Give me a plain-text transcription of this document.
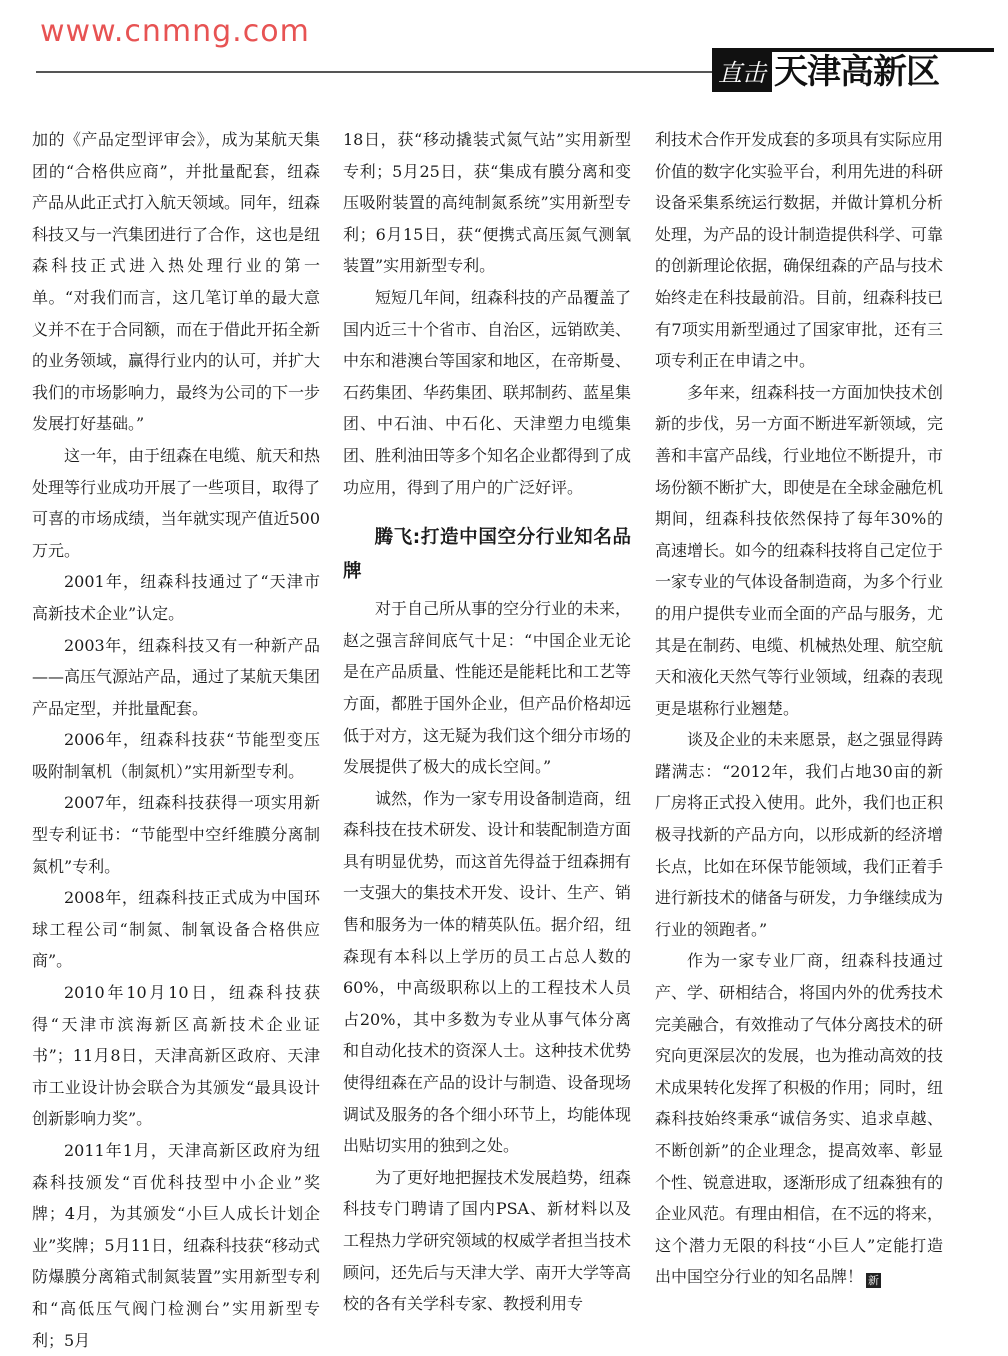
直击 天津高新区

加的《产品定型评审会》，成为某航天集团的“合格供应商”，并批量配套，纽森产品从此正式打入航天领域。同年，纽森科技又与一汽集团进行了合作，这也是纽森科技正式进入热处理行业的第一单。“对我们而言，这几笔订单的最大意义并不在于合同额，而在于借此开拓全新的业务领域，赢得行业内的认可，并扩大我们的市场影响力，最终为公司的下一步发展打好基础。”

这一年，由于纽森在电缆、航天和热处理等行业成功开展了一些项目，取得了可喜的市场成绩，当年就实现产值近500万元。

2001年，纽森科技通过了“天津市高新技术企业”认定。

2003年，纽森科技又有一种新产品——高压气源站产品，通过了某航天集团产品定型，并批量配套。

2006年，纽森科技获“节能型变压吸附制氧机（制氮机）”实用新型专利。

2007年，纽森科技获得一项实用新型专利证书：“节能型中空纤维膜分离制氮机”专利。

2008年，纽森科技正式成为中国环球工程公司“制氮、制氧设备合格供应商”。

2010年10月10日，纽森科技获得“天津市滨海新区高新技术企业证书”；11月8日，天津高新区政府、天津市工业设计协会联合为其颁发“最具设计创新影响力奖”。

2011年1月，天津高新区政府为纽森科技颁发“百优科技型中小企业”奖牌；4月，为其颁发“小巨人成长计划企业”奖牌；5月11日，纽森科技获“移动式防爆膜分离箱式制氮装置”实用新型专利和“高低压气阀门检测台”实用新型专利；5月

18日，获“移动撬装式氮气站”实用新型专利；5月25日，获“集成有膜分离和变压吸附装置的高纯制氮系统”实用新型专利；6月15日，获“便携式高压氮气测氧装置”实用新型专利。

短短几年间，纽森科技的产品覆盖了国内近三十个省市、自治区，远销欧美、中东和港澳台等国家和地区，在帝斯曼、石药集团、华药集团、联邦制药、蓝星集团、中石油、中石化、天津塑力电缆集团、胜利油田等多个知名企业都得到了成功应用，得到了用户的广泛好评。

腾飞:打造中国空分行业知名品牌

对于自己所从事的空分行业的未来，赵之强言辞间底气十足：“中国企业无论是在产品质量、性能还是能耗比和工艺等方面，都胜于国外企业，但产品价格却远低于对方，这无疑为我们这个细分市场的发展提供了极大的成长空间。”

诚然，作为一家专用设备制造商，纽森科技在技术研发、设计和装配制造方面具有明显优势，而这首先得益于纽森拥有一支强大的集技术开发、设计、生产、销售和服务为一体的精英队伍。据介绍，纽森现有本科以上学历的员工占总人数的60%，中高级职称以上的工程技术人员占20%，其中多数为专业从事气体分离和自动化技术的资深人士。这种技术优势使得纽森在产品的设计与制造、设备现场调试及服务的各个细小环节上，均能体现出贴切实用的独到之处。

为了更好地把握技术发展趋势，纽森科技专门聘请了国内PSA、新材料以及工程热力学研究领域的权威学者担当技术顾问，还先后与天津大学、南开大学等高校的各有关学科专家、教授利用专

利技术合作开发成套的多项具有实际应用价值的数字化实验平台，利用先进的科研设备采集系统运行数据，并做计算机分析处理，为产品的设计制造提供科学、可靠的创新理论依据，确保纽森的产品与技术始终走在科技最前沿。目前，纽森科技已有7项实用新型通过了国家审批，还有三项专利正在申请之中。

多年来，纽森科技一方面加快技术创新的步伐，另一方面不断进军新领域，完善和丰富产品线，行业地位不断提升，市场份额不断扩大，即使是在全球金融危机期间，纽森科技依然保持了每年30%的高速增长。如今的纽森科技将自己定位于一家专业的气体设备制造商，为多个行业的用户提供专业而全面的产品与服务，尤其是在制药、电缆、机械热处理、航空航天和液化天然气等行业领域，纽森的表现更是堪称行业翘楚。

谈及企业的未来愿景，赵之强显得踌躇满志：“2012年，我们占地30亩的新厂房将正式投入使用。此外，我们也正积极寻找新的产品方向，以形成新的经济增长点，比如在环保节能领域，我们正着手进行新技术的储备与研发，力争继续成为行业的领跑者。”

作为一家专业厂商，纽森科技通过产、学、研相结合，将国内外的优秀技术完美融合，有效推动了气体分离技术的研究向更深层次的发展，也为推动高效的技术成果转化发挥了积极的作用；同时，纽森科技始终秉承“诚信务实、追求卓越、不断创新”的企业理念，提高效率、彰显个性、锐意进取，逐渐形成了纽森独有的企业风范。有理由相信，在不远的将来，这个潜力无限的科技“小巨人”定能打造出中国空分行业的知名品牌！ 新

www.cnmng.com
